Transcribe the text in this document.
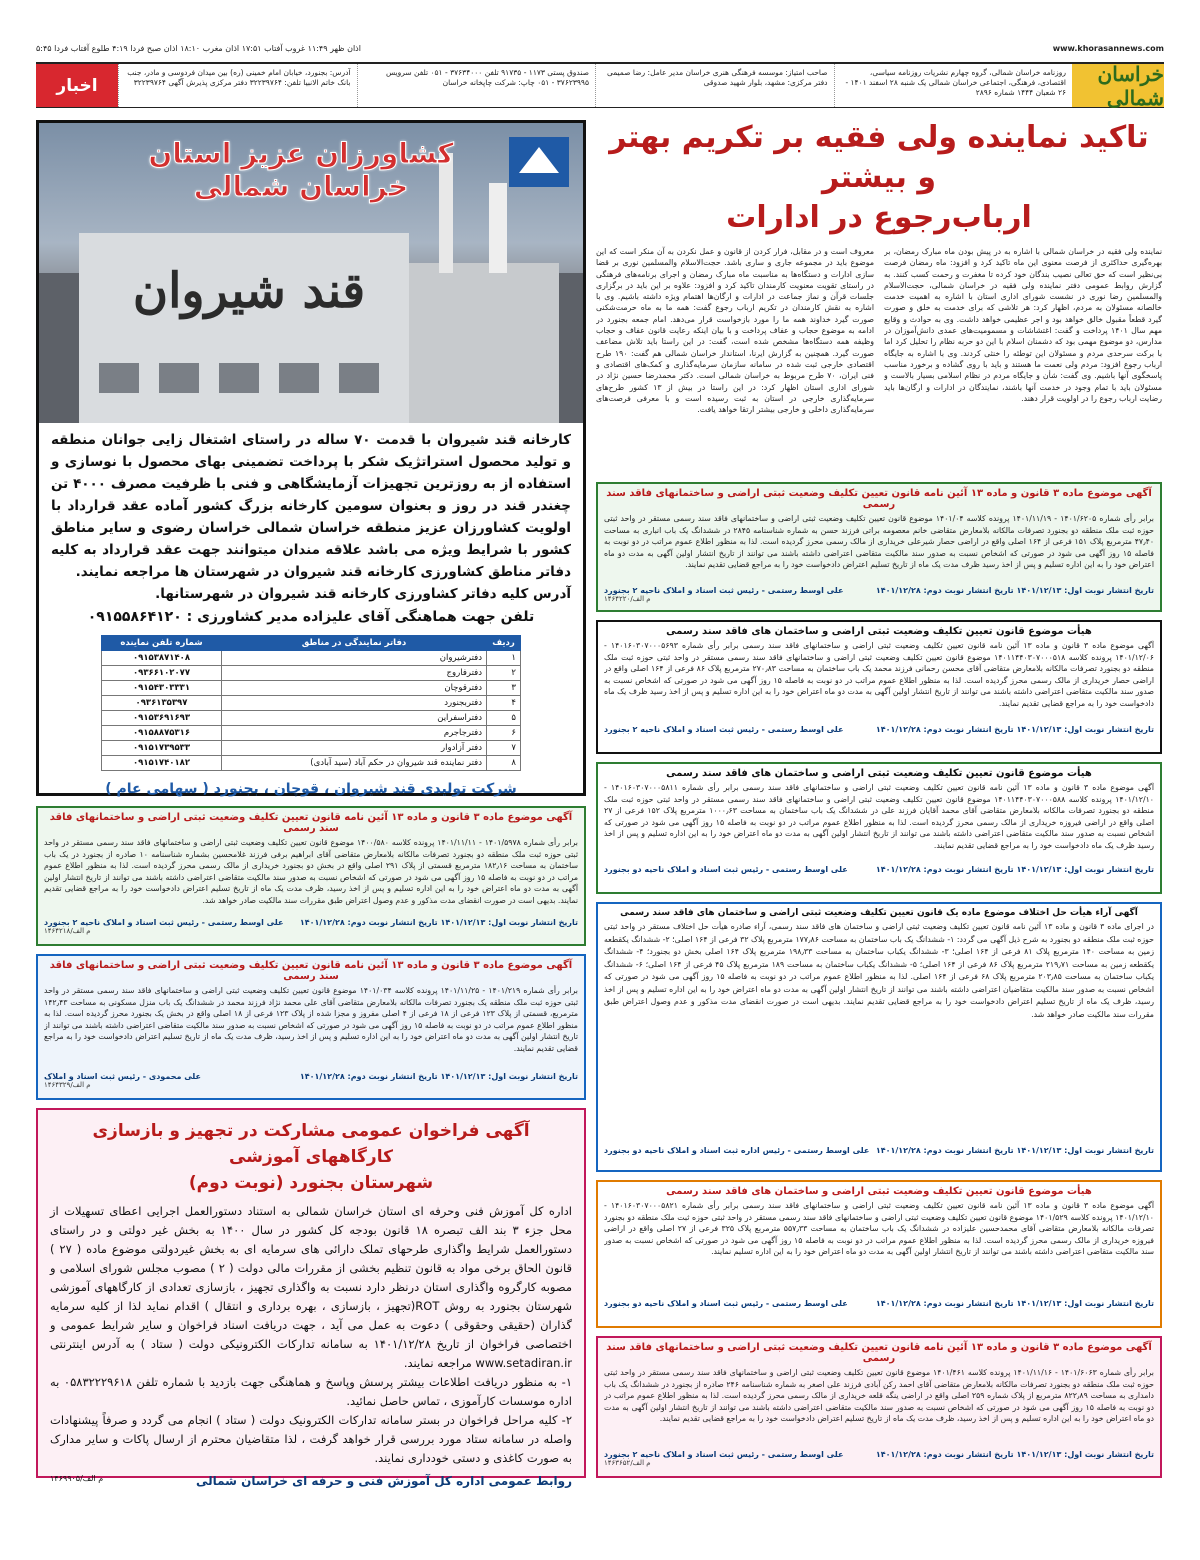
اذان ظهر ۱۱:۴۹ غروب آفتاب ۱۷:۵۱ اذان مغرب ۱۸:۱۰ اذان صبح فردا ۴:۱۹ طلوع آفتاب فردا ۵:۴۵	www.khorasannews.com
خراسان شمالی
روزنامه خراسان شمالی، گروه چهارم نشریات روزنامه سیاسی، اقتصادی، فرهنگی، اجتماعی خراسان شمالی یک شنبه ۲۸ اسفند ۱۴۰۱ - ۲۶ شعبان ۱۴۴۴ شماره ۲۸۹۶
صاحب امتیاز: موسسه فرهنگی هنری خراسان مدیر عامل: رضا صمیمی دفتر مرکزی: مشهد، بلوار شهید صدوقی
صندوق پستی ۱۱۷۳ - ۹۱۷۳۵ تلفن ۳۷۶۳۴۰۰۰ - ۰۵۱ تلفن سرویس ۳۷۶۲۳۹۹۵ - ۰۵۱ چاپ: شرکت چاپخانه خراسان
آدرس: بجنورد، خیابان امام خمینی (ره) بین میدان فردوسی و مادر، جنب بانک خاتم الانبیا تلفن: ۳۲۲۳۹۷۶۴ دفتر مرکزی پذیرش آگهی ۳۲۲۳۹۷۶۴
اخبار
تاکید نماینده ولی فقیه بر تکریم بهتر و بیشتر
ارباب‌رجوع در ادارات
نماینده ولی فقیه در خراسان شمالی با اشاره به در پیش بودن ماه مبارک رمضان، بر بهره‌گیری حداکثری از فرصت معنوی این ماه تاکید کرد و افزود: ماه رمضان فرصت بی‌نظیر است که حق تعالی نصیب بندگان خود کرده تا مغفرت و رحمت کسب کنند. به گزارش روابط عمومی دفتر نماینده ولی فقیه در خراسان شمالی، حجت‌الاسلام والمسلمین رضا نوری در نشست شورای اداری استان با اشاره به اهمیت خدمت خالصانه مسئولان به مردم، اظهار کرد: هر تلاشی که برای خدمت به خلق و صورت گیرد قطعاً مقبول خالق خواهد بود و اجر عظیمی خواهد داشت. وی به حوادث و وقایع مهم سال ۱۴۰۱ پرداخت و گفت: اغتشاشات و مسمومیت‌های عمدی دانش‌آموزان در مدارس، دو موضوع مهمی بود که دشمنان اسلام با این دو حربه نظام را تحلیل کرد اما با برکت سرحدی مردم و مسئولان این توطئه را خنثی کردند. وی با اشاره به جایگاه ارباب رجوع افزود: مردم ولی نعمت ما هستند و باید با روی گشاده و برخورد مناسب پاسخگوی آنها باشیم. وی گفت: شأن و جایگاه مردم در نظام اسلامی بسیار بالاست و مسئولان باید با تمام وجود در خدمت آنها باشند، نمایندگان در ادارات و ارگان‌ها باید رضایت ارباب رجوع را در اولویت قرار دهند.
معروف است و در مقابل، فرار کردن از قانون و عمل نکردن به آن منکر است که این موضوع باید در مجموعه جاری و ساری باشد. حجت‌الاسلام والمسلمین نوری بر قضا سازی ادارات و دستگاه‌ها به مناسبت ماه مبارک رمضان و اجرای برنامه‌های فرهنگی در راستای تقویت معنویت کارمندان تاکید کرد و افزود: علاوه بر این باید در برگزاری جلسات قرآن و نماز جماعت در ادارات و ارگان‌ها اهتمام ویژه داشته باشیم. وی با اشاره به نقش کارمندان در تکریم ارباب رجوع گفت: همه ما به ماه حرمت‌شکنی صورت گیرد خداوند همه ما را مورد بازخواست قرار می‌دهد. امام جمعه بجنورد در ادامه به موضوع حجاب و عفاف پرداخت و با بیان اینکه رعایت قانون عفاف و حجاب وظیفه همه دستگاه‌ها مشخص شده است، گفت: در این راستا باید تلاش مضاعف صورت گیرد. همچنین به گزارش ایرنا، استاندار خراسان شمالی هم گفت: ۱۹۰ طرح اقتصادی خارجی ثبت شده در سامانه سازمان سرمایه‌گذاری و کمک‌های اقتصادی و فنی ایران، ۷۰ طرح مربوط به خراسان شمالی است. دکتر محمدرضا حسین نژاد در شورای اداری استان اظهار کرد: در این راستا در بیش از ۱۳ کشور طرح‌های سرمایه‌گذاری خارجی در استان به ثبت رسیده است و با معرفی فرصت‌های سرمایه‌گذاری داخلی و خارجی بیشتر ارتقا خواهد یافت.
کشاورزان عزیز استان خراسان شمالی
قند شیروان
کارخانه قند شیروان با قدمت ۷۰ ساله در راستای اشتغال زایی جوانان منطقه و تولید محصول استراتژیک شکر با پرداخت تضمینی بهای محصول با نوسازی و استفاده از به روزترین تجهیزات آزمایشگاهی و فنی با ظرفیت مصرف ۴۰۰۰ تن چغندر قند در روز و بعنوان سومین کارخانه بزرگ کشور آماده عقد قرارداد با اولویت کشاورزان عزیز منطقه خراسان شمالی خراسان رضوی و سایر مناطق کشور با شرایط ویژه می باشد علاقه مندان میتوانند جهت عقد قرارداد به کلیه دفاتر مناطق کشاورزی کارخانه قند شیروان در شهرستان ها مراجعه نمایند.
آدرس کلیه دفاتر کشاورزی کارخانه قند شیروان در شهرستانها.
تلفن جهت هماهنگی آقای علیزاده مدیر کشاورزی : ۰۹۱۵۵۸۶۴۱۲۰
ردیف	دفاتر نمایندگی در مناطق	شماره تلفن نماینده
۱	دفترشیروان	۰۹۱۵۳۸۷۱۴۰۸
۲	دفترفاروج	۰۹۳۶۶۱۰۲۰۷۷
۳	دفترقوچان	۰۹۱۵۴۳۰۳۳۳۱
۴	دفتربجنورد	۰۹۳۶۱۳۵۳۹۷
۵	دفتراسفراین	۰۹۱۵۳۶۹۱۶۹۳
۶	دفترجاجرم	۰۹۱۵۸۸۷۵۳۱۶
۷	دفتر آزادوار	۰۹۱۵۱۷۳۹۵۳۳
۸	دفتر نماینده قند شیروان در حکم آباد (سید آبادی)	۰۹۱۵۱۷۴۰۱۸۲
شرکت تولیدی قند شیروان ، قوچان ، بجنورد ( سهامی عام )
آگهی موضوع ماده ۳ قانون و ماده ۱۳ آئین نامه قانون تعیین تکلیف وضعیت ثبتی اراضی و ساختمانهای فاقد سند رسمی
برابر رأی شماره ۱۴۰۱/۵۹۷۸ - ۱۴۰۱/۱۱/۱۱ پرونده کلاسه ۱۴۰۰/۵۸۰ موضوع قانون تعیین تکلیف وضعیت ثبتی اراضی و ساختمانهای فاقد سند رسمی مستقر در واحد ثبتی حوزه ثبت ملک منطقه دو بجنورد تصرفات مالکانه بلامعارض متقاضی آقای ابراهیم برفی فرزند غلامحسین بشماره شناسنامه ۱۰ صادره از بجنورد در یک باب ساختمان به مساحت ۱۸۲٫۱۶ مترمربع قسمتی از پلاک ۲۹۱ اصلی واقع در بخش دو بجنورد خریداری از مالک رسمی محرز گردیده است. لذا به منظور اطلاع عموم مراتب در دو نوبت به فاصله ۱۵ روز آگهی می شود در صورتی که اشخاص نسبت به صدور سند مالکیت متقاضی اعتراضی داشته باشند می توانند از تاریخ انتشار اولین آگهی به مدت دو ماه اعتراض خود را به این اداره تسلیم و پس از اخذ رسید، ظرف مدت یک ماه از تاریخ تسلیم اعتراض دادخواست خود را به مراجع قضایی تقدیم نمایند. بدیهی است در صورت انقضای مدت مذکور و عدم وصول اعتراض طبق مقررات سند مالکیت صادر خواهد شد.
تاریخ انتشار نوبت اول: ۱۴۰۱/۱۲/۱۳ تاریخ انتشار نوبت دوم: ۱۴۰۱/۱۲/۲۸
علی اوسط رستمی - رئیس ثبت اسناد و املاک ناحیه ۲ بجنورد
م الف/۱۴۶۴۲۱۸
آگهی موضوع ماده ۳ قانون و ماده ۱۳ آئین نامه قانون تعیین تکلیف وضعیت ثبتی اراضی و ساختمانهای فاقد سند رسمی
برابر رأی شماره ۱۴۰۱/۲۱۹ - ۱۴۰۱/۱۱/۲۵ پرونده کلاسه ۱۴۰۱/۰۳۴ موضوع قانون تعیین تکلیف وضعیت ثبتی اراضی و ساختمانهای فاقد سند رسمی مستقر در واحد ثبتی حوزه ثبت ملک منطقه یک بجنورد تصرفات مالکانه بلامعارض متقاضی آقای علی محمد نژاد فرزند محمد در ششدانگ یک باب منزل مسکونی به مساحت ۱۴۲٫۴۳ مترمربع، قسمتی از پلاک ۱۲۳ فرعی از ۱۸ فرعی از ۴ اصلی مفروز و مجزا شده از پلاک ۱۲۳ فرعی از ۱۸ اصلی واقع در بخش یک بجنورد محرز گردیده است. لذا به منظور اطلاع عموم مراتب در دو نوبت به فاصله ۱۵ روز آگهی می شود در صورتی که اشخاص نسبت به صدور سند مالکیت متقاضی اعتراضی داشته باشند می توانند از تاریخ انتشار اولین آگهی به مدت دو ماه اعتراض خود را به این اداره تسلیم و پس از اخذ رسید، ظرف مدت یک ماه از تاریخ تسلیم اعتراض دادخواست خود را به مراجع قضایی تقدیم نمایند.
تاریخ انتشار نوبت اول: ۱۴۰۱/۱۲/۱۳ تاریخ انتشار نوبت دوم: ۱۴۰۱/۱۲/۲۸
علی محمودی - رئیس ثبت اسناد و املاک
م الف/۱۴۶۴۳۲۹
آگهی فراخوان عمومی مشارکت در تجهیز و بازسازی کارگاههای آموزشی
شهرستان بجنورد (نوبت دوم)
اداره کل آموزش فنی وحرفه ای استان خراسان شمالی به استناد دستورالعمل اجرایی اعطای تسهیلات از محل جزء ۳ بند الف تبصره ۱۸ قانون بودجه کل کشور در سال ۱۴۰۰ به بخش غیر دولتی و در راستای دستورالعمل شرایط واگذاری طرحهای تملک دارائی های سرمایه ای به بخش غیردولتی موضوع ماده ( ۲۷ ) قانون الحاق برخی مواد به قانون تنظیم بخشی از مقررات مالی دولت ( ۲ ) مصوب مجلس شورای اسلامی و مصوبه کارگروه واگذاری استان درنظر دارد نسبت به واگذاری تجهیز ، بازسازی تعدادی از کارگاههای آموزشی شهرستان بجنورد به روش ROT(تجهیز ، بازسازی ، بهره برداری و انتقال ) اقدام نماید لذا از کلیه سرمایه گذاران (حقیقی وحقوقی ) دعوت به عمل می آید ، جهت دریافت اسناد فراخوان و سایر شرایط عمومی و اختصاصی فراخوان از تاریخ ۱۴۰۱/۱۲/۲۸ به سامانه تدارکات الکترونیکی دولت ( ستاد ) به آدرس اینترنتی www.setadiran.ir مراجعه نمایند.
۱- به منظور دریافت اطلاعات بیشتر پرسش وپاسخ و هماهنگی جهت بازدید با شماره تلفن ۰۵۸۳۲۲۲۹۶۱۸ به اداره موسسات کارآموزی ، تماس حاصل نمائید.
۲- کلیه مراحل فراخوان در بستر سامانه تدارکات الکترونیک دولت ( ستاد ) انجام می گردد و صرفاً پیشنهادات واصله در سامانه ستاد مورد بررسی قرار خواهد گرفت ، لذا متقاضیان محترم از ارسال پاکات و سایر مدارک به صورت کاغذی و دستی خودداری نمایند.
روابط عمومی اداره کل آموزش فنی و حرفه ای خراسان شمالی
م الف/۱۴۶۹۹۰۵
آگهی موضوع ماده ۳ قانون و ماده ۱۳ آئین نامه قانون تعیین تکلیف وضعیت ثبتی اراضی و ساختمانهای فاقد سند رسمی
برابر رأی شماره ۱۴۰۱/۶۲۰۵ - ۱۴۰۱/۱۱/۱۹ پرونده کلاسه ۱۴۰۱/۰۴ موضوع قانون تعیین تکلیف وضعیت ثبتی اراضی و ساختمانهای فاقد سند رسمی مستقر در واحد ثبتی حوزه ثبت ملک منطقه دو بجنورد تصرفات مالکانه بلامعارض متقاضی خانم معصومه براتی فرزند حسن به شماره شناسنامه ۲۸۴۵ در ششدانگ یک باب انباری به مساحت ۴۷٫۴۰ مترمربع پلاک ۱۵۱ فرعی از ۱۶۴ اصلی واقع در اراضی حصار شیرعلی خریداری از مالک رسمی محرز گردیده است. لذا به منظور اطلاع عموم مراتب در دو نوبت به فاصله ۱۵ روز آگهی می شود در صورتی که اشخاص نسبت به صدور سند مالکیت متقاضی اعتراضی داشته باشند می توانند از تاریخ انتشار اولین آگهی به مدت دو ماه اعتراض خود را به این اداره تسلیم و پس از اخذ رسید ظرف مدت یک ماه از تاریخ تسلیم اعتراض دادخواست خود را به مراجع قضایی تقدیم نمایند.
تاریخ انتشار نوبت اول: ۱۴۰۱/۱۲/۱۳ تاریخ انتشار نوبت دوم: ۱۴۰۱/۱۲/۲۸
علی اوسط رستمی - رئیس ثبت اسناد و املاک ناحیه ۲ بجنورد
م الف/۱۴۶۴۲۲۰
هیأت موضوع قانون تعیین تکلیف وضعیت ثبتی اراضی و ساختمان های فاقد سند رسمی
آگهی موضوع ماده ۳ قانون و ماده ۱۳ آئین نامه قانون تعیین تکلیف وضعیت ثبتی اراضی و ساختمانهای فاقد سند رسمی برابر رأی شماره ۱۴۰۱۶۰۳۰۷۰۰۰۵۶۹۳ - ۱۴۰۱/۱۲/۰۶ پرونده کلاسه ۱۴۰۱۱۴۴۰۳۰۷۰۰۰۵۱۸ موضوع قانون تعیین تکلیف وضعیت ثبتی اراضی و ساختمانهای فاقد سند رسمی مستقر در واحد ثبتی حوزه ثبت ملک منطقه دو بجنورد تصرفات مالکانه بلامعارض متقاضی آقای محسن رحمانی فرزند محمد یک باب ساختمان به مساحت ۲۷۰٫۸۳ مترمربع پلاک ۸۶ فرعی از ۱۶۴ اصلی واقع در اراضی حصار خریداری از مالک رسمی محرز گردیده است. لذا به منظور اطلاع عموم مراتب در دو نوبت به فاصله ۱۵ روز آگهی می شود در صورتی که اشخاص نسبت به صدور سند مالکیت متقاضی اعتراضی داشته باشند می توانند از تاریخ انتشار اولین آگهی به مدت دو ماه اعتراض خود را به این اداره تسلیم و پس از اخذ رسید ظرف یک ماه دادخواست خود را به مراجع قضایی تقدیم نمایند.
تاریخ انتشار نوبت اول: ۱۴۰۱/۱۲/۱۳ تاریخ انتشار نوبت دوم: ۱۴۰۱/۱۲/۲۸
علی اوسط رستمی - رئیس ثبت اسناد و املاک ناحیه ۲ بجنورد
هیأت موضوع قانون تعیین تکلیف وضعیت ثبتی اراضی و ساختمان های فاقد سند رسمی
آگهی موضوع ماده ۳ قانون و ماده ۱۳ آئین نامه قانون تعیین تکلیف وضعیت ثبتی اراضی و ساختمانهای فاقد سند رسمی برابر رأی شماره ۱۴۰۱۶۰۳۰۷۰۰۰۵۸۱۱ - ۱۴۰۱/۱۲/۱۰ پرونده کلاسه ۱۴۰۱۱۴۴۰۳۰۷۰۰۰۵۸۸ موضوع قانون تعیین تکلیف وضعیت ثبتی اراضی و ساختمانهای فاقد سند رسمی مستقر در واحد ثبتی حوزه ثبت ملک منطقه دو بجنورد تصرفات مالکانه بلامعارض متقاضی آقای محمد آقایان فرزند علی در ششدانگ یک باب ساختمان به مساحت ۱۰۰۰٫۶۳ مترمربع پلاک ۱۵۲ فرعی از ۲۷ اصلی واقع در اراضی فیروزه خریداری از مالک رسمی محرز گردیده است. لذا به منظور اطلاع عموم مراتب در دو نوبت به فاصله ۱۵ روز آگهی می شود در صورتی که اشخاص نسبت به صدور سند مالکیت متقاضی اعتراضی داشته باشند می توانند از تاریخ انتشار اولین آگهی به مدت دو ماه اعتراض خود را به این اداره تسلیم و پس از اخذ رسید ظرف یک ماه دادخواست خود را به مراجع قضایی تقدیم نمایند.
تاریخ انتشار نوبت اول: ۱۴۰۱/۱۲/۱۳ تاریخ انتشار نوبت دوم: ۱۴۰۱/۱۲/۲۸
علی اوسط رستمی - رئیس ثبت اسناد و املاک ناحیه دو بجنورد
آگهی آراء هیأت حل اختلاف موضوع ماده یک قانون تعیین تکلیف وضعیت ثبتی اراضی و ساختمان های فاقد سند رسمی
در اجرای ماده ۳ قانون و ماده ۱۳ آئین نامه قانون تعیین تکلیف وضعیت ثبتی اراضی و ساختمان های فاقد سند رسمی، آراء صادره هیأت حل اختلاف مستقر در واحد ثبتی حوزه ثبت ملک منطقه دو بجنورد به شرح ذیل آگهی می گردد: ۱- ششدانگ یک باب ساختمان به مساحت ۱۷۷٫۸۶ مترمربع پلاک ۳۲ فرعی از ۱۶۴ اصلی؛ ۲- ششدانگ یکقطعه زمین به مساحت ۱۴۰ مترمربع پلاک ۸۱ فرعی از ۱۶۴ اصلی؛ ۳- ششدانگ یکباب ساختمان به مساحت ۱۹۸٫۳۳ مترمربع پلاک ۱۶۴ اصلی بخش دو بجنورد؛ ۴- ششدانگ یکقطعه زمین به مساحت ۲۱۹٫۷۱ مترمربع پلاک ۸۶ فرعی از ۱۶۴ اصلی؛ ۵- ششدانگ یکباب ساختمان به مساحت ۱۸۹ مترمربع پلاک ۴۵ فرعی از ۱۶۴ اصلی؛ ۶- ششدانگ یکباب ساختمان به مساحت ۲۰۳٫۸۵ مترمربع پلاک ۶۸ فرعی از ۱۶۴ اصلی. لذا به منظور اطلاع عموم مراتب در دو نوبت به فاصله ۱۵ روز آگهی می شود در صورتی که اشخاص نسبت به صدور سند مالکیت متقاضیان اعتراضی داشته باشند می توانند از تاریخ انتشار اولین آگهی به مدت دو ماه اعتراض خود را به این اداره تسلیم و پس از اخذ رسید، ظرف یک ماه از تاریخ تسلیم اعتراض دادخواست خود را به مراجع قضایی تقدیم نمایند. بدیهی است در صورت انقضای مدت مذکور و عدم وصول اعتراض طبق مقررات سند مالکیت صادر خواهد شد.
تاریخ انتشار نوبت اول: ۱۴۰۱/۱۲/۱۳ تاریخ انتشار نوبت دوم: ۱۴۰۱/۱۲/۲۸
علی اوسط رستمی - رئیس اداره ثبت اسناد و املاک ناحیه دو بجنورد
هیأت موضوع قانون تعیین تکلیف وضعیت ثبتی اراضی و ساختمان های فاقد سند رسمی
آگهی موضوع ماده ۳ قانون و ماده ۱۳ آئین نامه قانون تعیین تکلیف وضعیت ثبتی اراضی و ساختمانهای فاقد سند رسمی برابر رأی شماره ۱۴۰۱۶۰۳۰۷۰۰۰۵۸۲۱ - ۱۴۰۱/۱۲/۱۰ پرونده کلاسه ۱۴۰۱/۵۲۹ موضوع قانون تعیین تکلیف وضعیت ثبتی اراضی و ساختمانهای فاقد سند رسمی مستقر در واحد ثبتی حوزه ثبت ملک منطقه دو بجنورد تصرفات مالکانه بلامعارض متقاضی آقای محمدحسین علیزاده در ششدانگ یک باب ساختمان به مساحت ۵۵۷٫۳۳ مترمربع پلاک ۳۲۵ فرعی از ۲۷ اصلی واقع در اراضی فیروزه خریداری از مالک رسمی محرز گردیده است. لذا به منظور اطلاع عموم مراتب در دو نوبت به فاصله ۱۵ روز آگهی می شود در صورتی که اشخاص نسبت به صدور سند مالکیت متقاضی اعتراضی داشته باشند می توانند از تاریخ انتشار اولین آگهی به مدت دو ماه اعتراض خود را به این اداره تسلیم نمایند.
تاریخ انتشار نوبت اول: ۱۴۰۱/۱۲/۱۳ تاریخ انتشار نوبت دوم: ۱۴۰۱/۱۲/۲۸
علی اوسط رستمی - رئیس ثبت اسناد و املاک ناحیه دو بجنورد
آگهی موضوع ماده ۳ قانون و ماده ۱۳ آئین نامه قانون تعیین تکلیف وضعیت ثبتی اراضی و ساختمانهای فاقد سند رسمی
برابر رأی شماره ۱۴۰۱/۶۰۶۳ - ۱۴۰۱/۱۱/۱۶ پرونده کلاسه ۱۴۰۱/۴۶۱ موضوع قانون تعیین تکلیف وضعیت ثبتی اراضی و ساختمانهای فاقد سند رسمی مستقر در واحد ثبتی حوزه ثبت ملک منطقه دو بجنورد تصرفات مالکانه بلامعارض متقاضی آقای احمد رکن آبادی فرزند علی اصغر به شماره شناسنامه ۲۴۶ صادره از بجنورد در ششدانگ یک باب دامداری به مساحت ۸۲۲٫۸۹ مترمربع از پلاک شماره ۲۵۹ اصلی واقع در اراضی ینگه قلعه خریداری از مالک رسمی محرز گردیده است. لذا به منظور اطلاع عموم مراتب در دو نوبت به فاصله ۱۵ روز آگهی می شود در صورتی که اشخاص نسبت به صدور سند مالکیت متقاضی اعتراضی داشته باشند می توانند از تاریخ انتشار اولین آگهی به مدت دو ماه اعتراض خود را به این اداره تسلیم و پس از اخذ رسید، ظرف مدت یک ماه از تاریخ تسلیم اعتراض دادخواست خود را به مراجع قضایی تقدیم نمایند.
تاریخ انتشار نوبت اول: ۱۴۰۱/۱۲/۱۳ تاریخ انتشار نوبت دوم: ۱۴۰۱/۱۲/۲۸
علی اوسط رستمی - رئیس ثبت اسناد و املاک ناحیه ۲ بجنورد
م الف/۱۴۶۳۶۵۲
